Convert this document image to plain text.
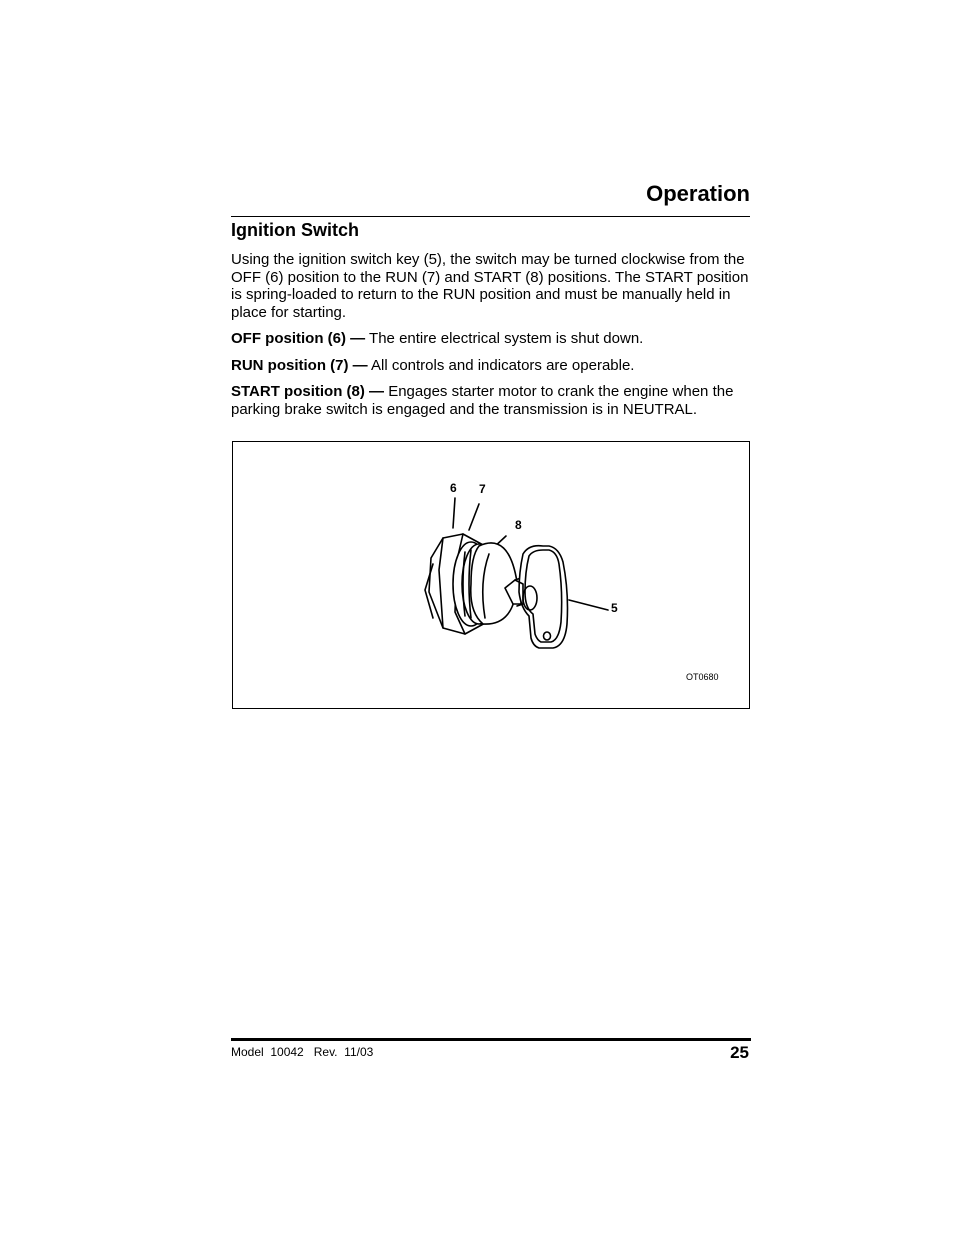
Operation
Ignition Switch

Using the ignition switch key (5), the switch may be turned clockwise from the OFF (6) position to the RUN (7) and START (8) positions. The START position is spring-loaded to return to the RUN position and must be manually held in place for starting.

OFF position (6) — The entire electrical system is shut down.

RUN position (7) — All controls and indicators are operable.

START position (8) — Engages starter motor to crank the engine when the parking brake switch is engaged and the transmission is in NEUTRAL.

6 7
8
5
OT0680
Model  10042   Rev.  11/03	25
